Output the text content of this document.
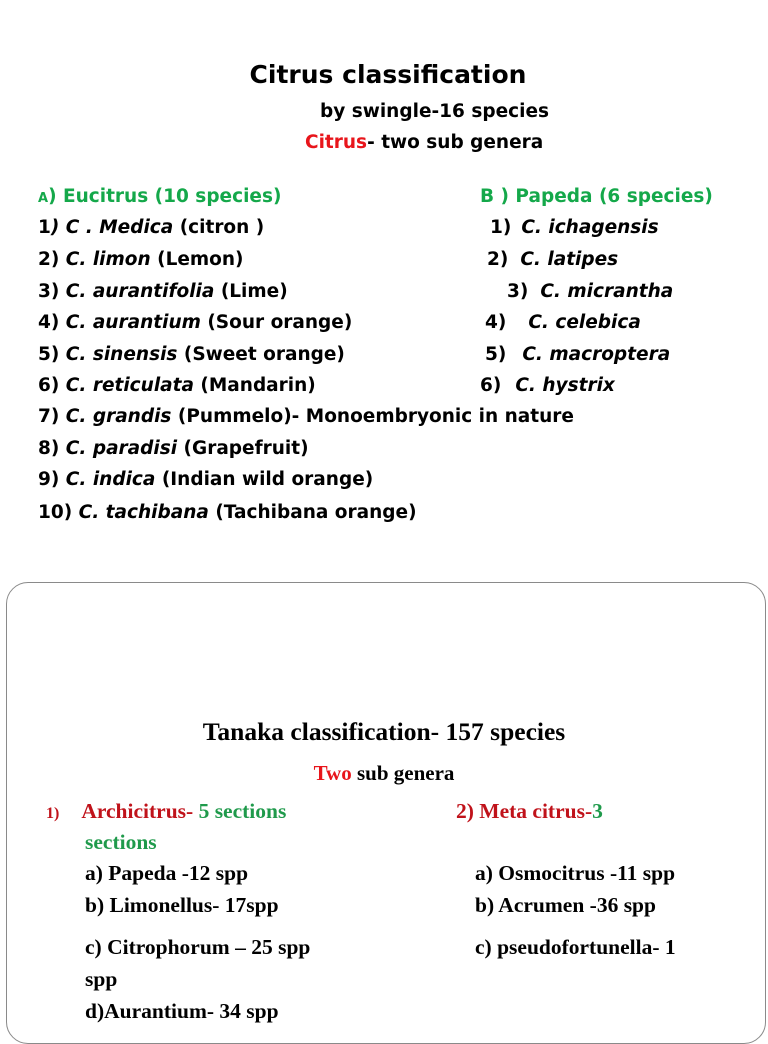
Citrus classification
by swingle-16 species
Citrus- two sub genera
A) Eucitrus (10 species)	B ) Papeda (6 species)
1) C . Medica (citron )
2) C. limon (Lemon)
3) C. aurantifolia (Lime)
4) C. aurantium (Sour orange)
5) C. sinensis (Sweet orange)
6) C. reticulata (Mandarin)
7) C. grandis (Pummelo)- Monoembryonic in nature
8) C. paradisi (Grapefruit)
9) C. indica (Indian wild orange)
10) C. tachibana (Tachibana orange)
1) C. ichagensis
2) C. latipes
3) C. micrantha
4) C. celebica
5) C. macroptera
6) C. hystrix
Tanaka classification- 157 species
Two sub genera
1) Archicitrus- 5 sections
sections
a) Papeda -12 spp
b) Limonellus- 17spp
c) Citrophorum – 25 spp
spp
d)Aurantium- 34 spp
2) Meta citrus-3
a) Osmocitrus -11 spp
b) Acrumen -36 spp
c) pseudofortunella- 1
